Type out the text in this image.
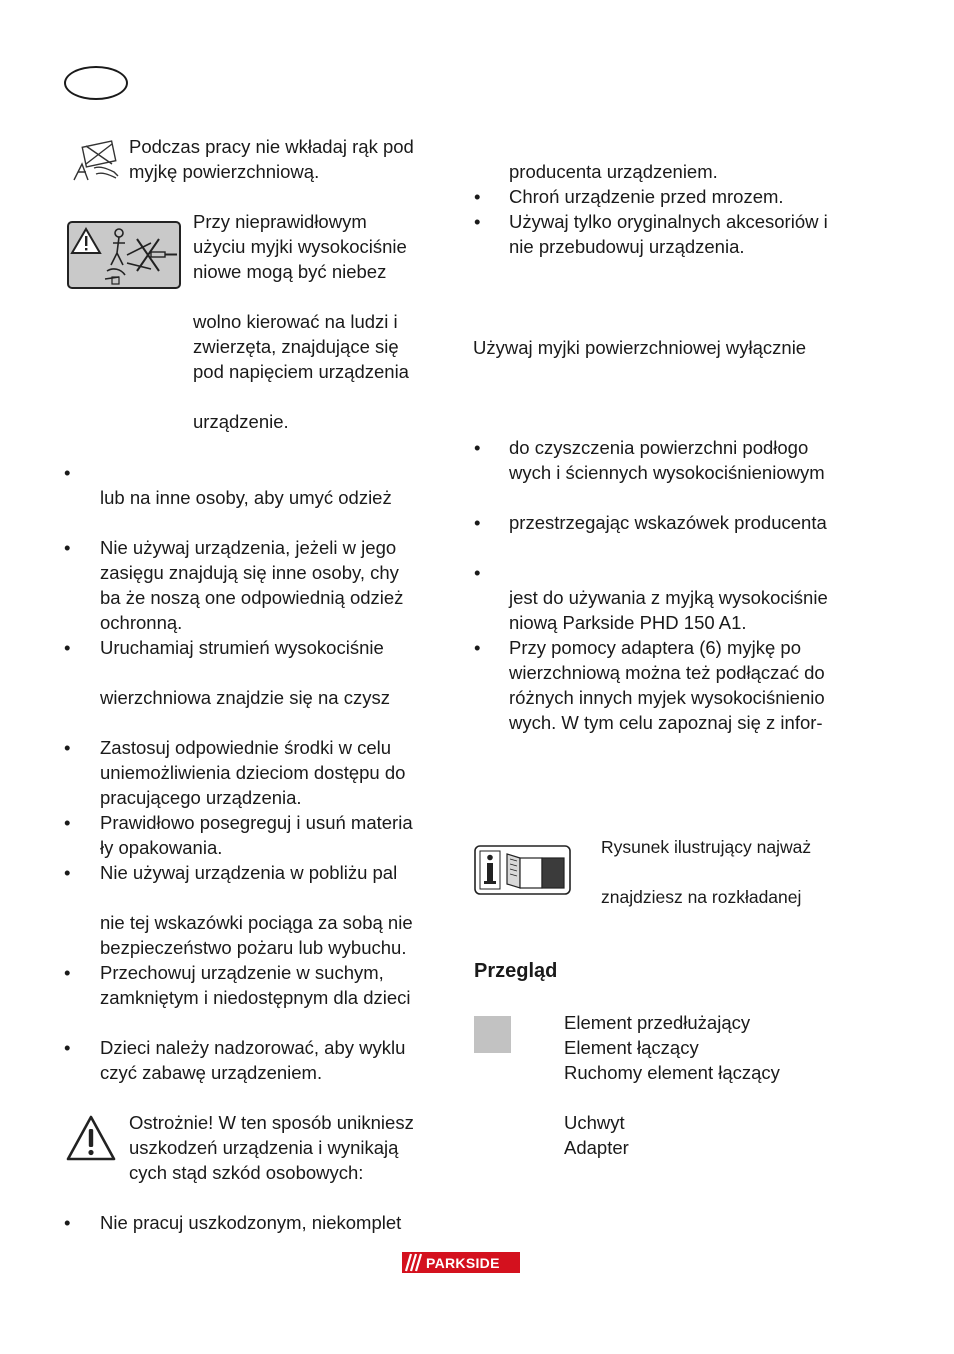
Podczas pracy nie wkładaj rąk pod
myjkę powierzchniową.
Przy nieprawidłowym
użyciu myjki wysokociśnie
niowe mogą być niebez
wolno kierować na ludzi i
zwierzęta, znajdujące się
pod napięciem urządzenia
urządzenie.
•
lub na inne osoby, aby umyć odzież
• Nie używaj urządzenia, jeżeli w jego
zasięgu znajdują się inne osoby, chy
ba że noszą one odpowiednią odzież
ochronną.
• Uruchamiaj strumień wysokociśnie
wierzchniowa znajdzie się na czysz
• Zastosuj odpowiednie środki w celu
uniemożliwienia dzieciom dostępu do
pracującego urządzenia.
• Prawidłowo posegreguj i usuń materia
ły opakowania.
• Nie używaj urządzenia w pobliżu pal
nie tej wskazówki pociąga za sobą nie
bezpieczeństwo pożaru lub wybuchu.
• Przechowuj urządzenie w suchym,
zamkniętym i niedostępnym dla dzieci
• Dzieci należy nadzorować, aby wyklu
czyć zabawę urządzeniem.
Ostrożnie! W ten sposób unikniesz
uszkodzeń urządzenia i wynikają
cych stąd szkód osobowych:
• Nie pracuj uszkodzonym, niekomplet
producenta urządzeniem.
• Chroń urządzenie przed mrozem.
• Używaj tylko oryginalnych akcesoriów i
nie przebudowuj urządzenia.
Używaj myjki powierzchniowej wyłącznie
• do czyszczenia powierzchni podłogo
wych i ściennych wysokociśnieniowym
• przestrzegając wskazówek producenta
•
jest do używania z myjką wysokociśnie
niową Parkside PHD 150 A1.
• Przy pomocy adaptera (6) myjkę po
wierzchniową można też podłączać do
różnych innych myjek wysokociśnienio
wych. W tym celu zapoznaj się z infor-
Rysunek ilustrujący najważ
znajdziesz na rozkładanej
Przegląd
Element przedłużający
Element łączący
Ruchomy element łączący
Uchwyt
Adapter
PARKSIDE
